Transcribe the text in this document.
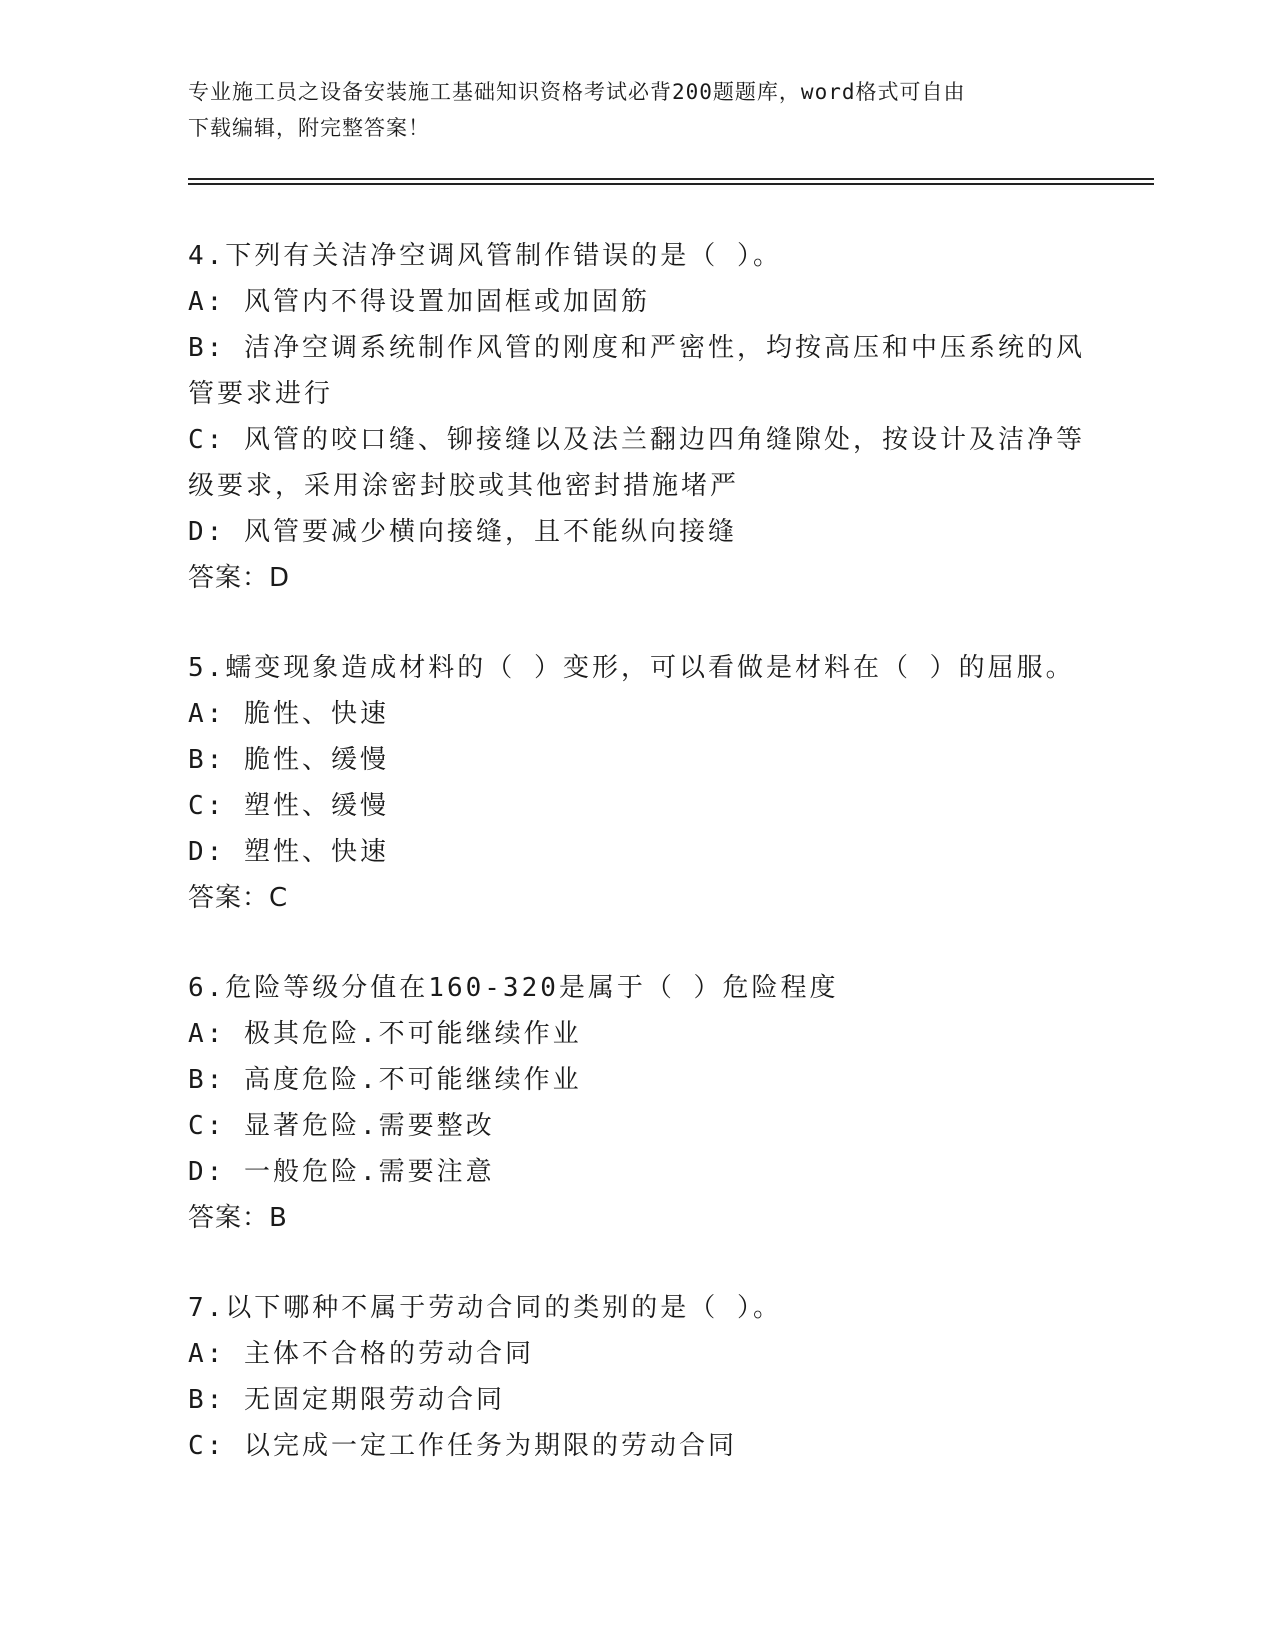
专业施工员之设备安装施工基础知识资格考试必背200题题库，word格式可自由
下载编辑，附完整答案！
4.下列有关洁净空调风管制作错误的是（ ）。
A: 风管内不得设置加固框或加固筋
B: 洁净空调系统制作风管的刚度和严密性，均按高压和中压系统的风
管要求进行
C: 风管的咬口缝、铆接缝以及法兰翻边四角缝隙处，按设计及洁净等
级要求，采用涂密封胶或其他密封措施堵严
D: 风管要减少横向接缝，且不能纵向接缝
答案：D
5.蠕变现象造成材料的（ ）变形，可以看做是材料在（ ）的屈服。
A: 脆性、快速
B: 脆性、缓慢
C: 塑性、缓慢
D: 塑性、快速
答案：C
6.危险等级分值在160-320是属于（ ）危险程度
A: 极其危险.不可能继续作业
B: 高度危险.不可能继续作业
C: 显著危险.需要整改
D: 一般危险.需要注意
答案：B
7.以下哪种不属于劳动合同的类别的是（ ）。
A: 主体不合格的劳动合同
B: 无固定期限劳动合同
C: 以完成一定工作任务为期限的劳动合同
